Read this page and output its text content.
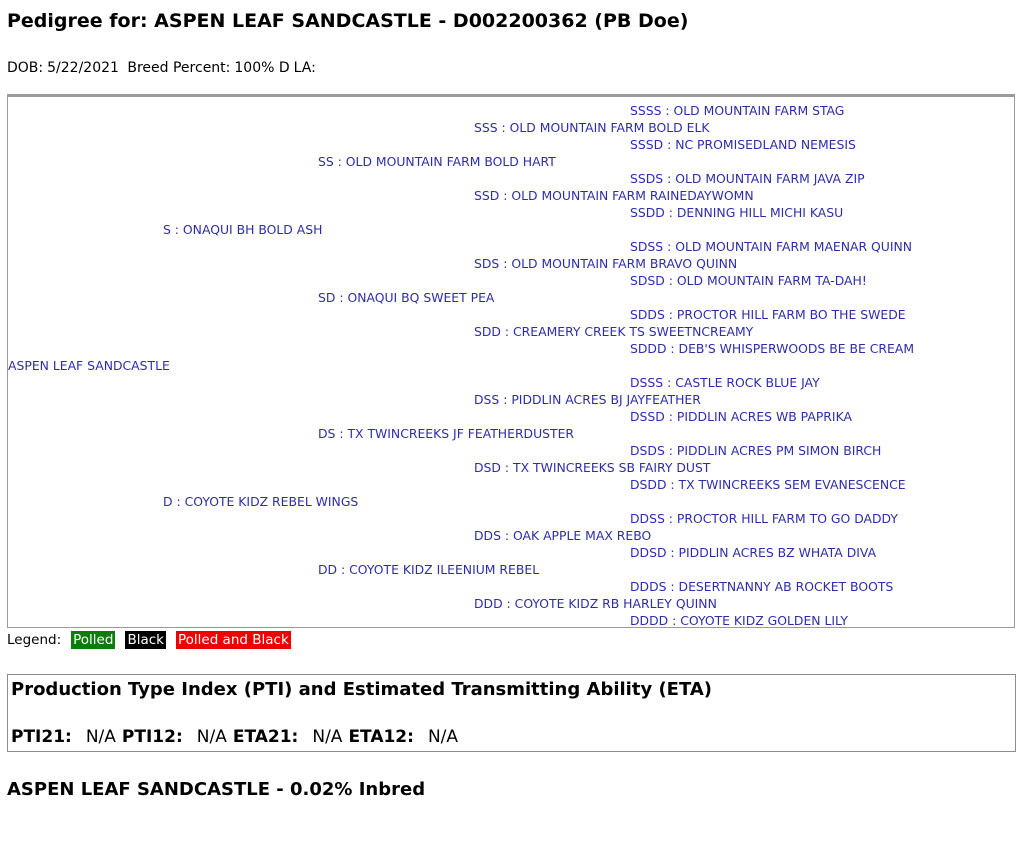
Pedigree for: ASPEN LEAF SANDCASTLE - D002200362 (PB Doe)
DOB: 5/22/2021 Breed Percent: 100% D LA:
SSSS : OLD MOUNTAIN FARM STAG
SSS : OLD MOUNTAIN FARM BOLD ELK
SSSD : NC PROMISEDLAND NEMESIS
SS : OLD MOUNTAIN FARM BOLD HART
SSDS : OLD MOUNTAIN FARM JAVA ZIP
SSD : OLD MOUNTAIN FARM RAINEDAYWOMN
SSDD : DENNING HILL MICHI KASU
S : ONAQUI BH BOLD ASH
SDSS : OLD MOUNTAIN FARM MAENAR QUINN
SDS : OLD MOUNTAIN FARM BRAVO QUINN
SDSD : OLD MOUNTAIN FARM TA-DAH!
SD : ONAQUI BQ SWEET PEA
SDDS : PROCTOR HILL FARM BO THE SWEDE
SDD : CREAMERY CREEK TS SWEETNCREAMY
SDDD : DEB'S WHISPERWOODS BE BE CREAM
ASPEN LEAF SANDCASTLE
DSSS : CASTLE ROCK BLUE JAY
DSS : PIDDLIN ACRES BJ JAYFEATHER
DSSD : PIDDLIN ACRES WB PAPRIKA
DS : TX TWINCREEKS JF FEATHERDUSTER
DSDS : PIDDLIN ACRES PM SIMON BIRCH
DSD : TX TWINCREEKS SB FAIRY DUST
DSDD : TX TWINCREEKS SEM EVANESCENCE
D : COYOTE KIDZ REBEL WINGS
DDSS : PROCTOR HILL FARM TO GO DADDY
DDS : OAK APPLE MAX REBO
DDSD : PIDDLIN ACRES BZ WHATA DIVA
DD : COYOTE KIDZ ILEENIUM REBEL
DDDS : DESERTNANNY AB ROCKET BOOTS
DDD : COYOTE KIDZ RB HARLEY QUINN
DDDD : COYOTE KIDZ GOLDEN LILY
Legend: Polled Black Polled and Black
Production Type Index (PTI) and Estimated Transmitting Ability (ETA)
PTI21: N/A PTI12: N/A ETA21: N/A ETA12: N/A
ASPEN LEAF SANDCASTLE - 0.02% Inbred
